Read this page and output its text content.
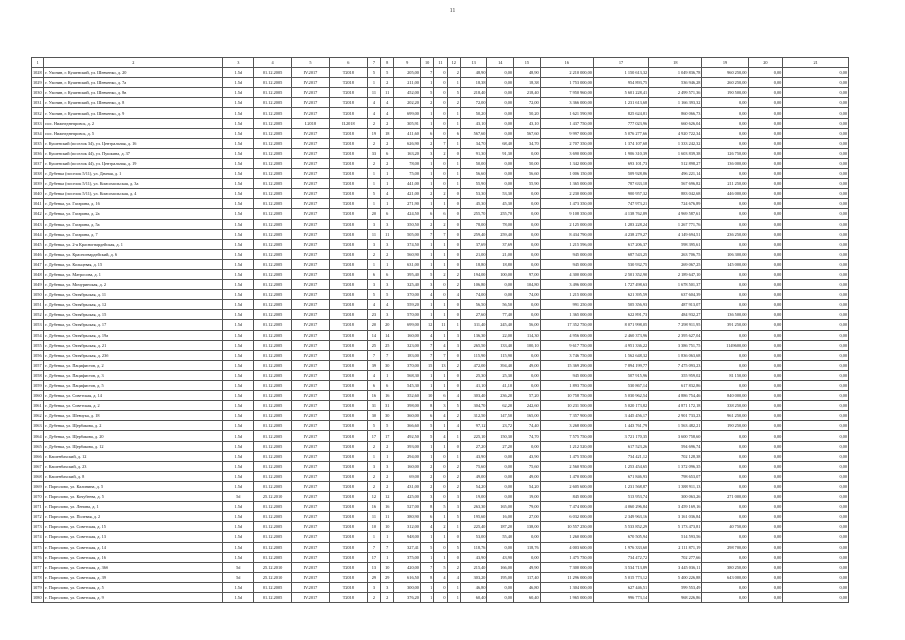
11
1	2	3	4	5	6	7	8	9	10	11	12	13	14	15	16	17	18	19	20	21
1028	г. Ухонин, г. Кушенский, ул. Шевченко, д. 20	1.5d	01.12.2005	IV.2017	Т2018	5	5	205,00	7	0	2	48,90	0,00	48,90	2 210 000,00	1 150 613,32	1 049 836,78	960 250,00	0,00	0,00
1029	г. Ухонин, г. Кушенский, ул. Шевченко, д. 7а	1.5d	01.12.2005	IV.2017	Т2018	1	2	211,00	1	0	1	18,38	0,00	18,38	1 753 000,00	954 893,75	536 946,28	260 250,00	0,00	0,00
1030	г. Ухонин, г. Кушенский, ул. Шевченко, д. 8в	1.5d	01.12.2005	IV.2017	Т2018	11	11	452,00	5	0	5	218,40	0,00	218,40	7 950 960,00	5 601 228,41	2 499 571,36	190 500,00	0,00	0,00
1031	г. Ухонин, г. Кушенский, ул. Шевченко, д. 8	1.5d	01.12.2005	IV.2017	Т2018	4	4	202,20	2	0	2	72,00	0,00	72,00	3 366 000,00	1 231 613,68	1 166 393,32	0,00	0,00	0,00
1032	г. Ухонин, г. Кушенский, ул. Шевченко, д. 9	1.5d	01.12.2005	IV.2017	Т2018	4	4	699,00	1	0	1	50,20	0,00	50,20	1 621 590,90	825 624,81	860 066,73	0,00	0,00	0,00
1033	пос. Нижнеднепровск, д. 2	1.5d	01.12.2005	I.2018	II.2018	2	2	305,91	1	0	1	43,10	0,00	43,10	1 437 750,00	777 023,96	660 626,04	0,00	0,00	0,00
1034	пос. Нижнеднепровск, д. 5	1.5d	01.12.2005	IV.2017	Т2018	19	18	411,60	6	0	6	567,60	0,00	567,60	9 997 000,00	5 076 277,66	4 920 722,34	0,00	0,00	0,00
1035	г. Кушенский (поселок 34), ул. Центральная, д. 16	1.5d	01.12.2005	IV.2017	Т2018	2	2	626,90	2	7	1	34,70	68,40	34,70	2 707 350,00	1 374 107,68	1 333 242,32	0,00	0,00	0,00
1036	г. Кушенский (поселок 44), ул. Пушкина, д. 37	1.5d	01.12.2005	IV.2017	Т2018	33	6	163,20	3	2	0	91,30	91,30	0,00	3 690 000,00	1 906 310,39	1 603 839,38	126 750,00	0,00	0,00
1037	г. Кушенский (поселок 44), ул. Центральная, д. 19	1.5d	01.12.2005	IV.2017	Т2018	2	2	78,00	1	0	1	50,00	0,00	50,00	1 342 000,00	693 101,73	512 898,27	136 000,00	0,00	0,00
1038	г. Дубенка (поселок 5/11), ул. Дачная, д. 1	1.5d	01.12.2005	IV.2017	Т2018	1	1	75,00	1	0	1	56,60	0,00	56,60	1 006 150,00	509 928,86	496 221,14	0,00	0,00	0,00
1039	г. Дубенка (поселок 5/11), ул. Комсомольская, д. 3а	1.5d	01.12.2005	IV.2017	Т2018	1	1	441,00	1	0	1	55,90	0,00	55,90	1 365 000,00	787 633,18	567 696,82	211 250,00	0,00	0,00
1040	г. Дубенка (поселок 5/11), ул. Комсомольская, д. 4	1.5d	01.12.2005	IV.2017	Т2018	5	4	421,00	2	2	0	53,30	53,30	0,00	2 230 000,00	900 957,32	883 042,68	446 000,00	0,00	0,00
1041	г. Дубенка, ул. Гагарина, д. 16	1.5d	01.12.2005	IV.2017	Т2018	1	1	271,90	1	1	0	45,30	45,30	0,00	1 473 350,00	747 973,21	724 676,89	0,00	0,00	0,00
1042	г. Дубенка, ул. Гагарина, д. 2а	1.5d	01.12.2005	IV.2017	Т2018	20	6	424,50	6	6	0	255,70	255,70	0,00	9 108 350,00	4 138 762,89	4 969 587,61	0,00	0,00	0,00
1043	г. Дубенка, ул. Гагарина, д. 5а	1.5d	01.12.2005	IV.2017	Т2018	3	3	350,50	2	2	0	78,00	78,00	0,00	2 125 000,00	1 283 228,24	1 267 771,76	0,00	0,00	0,00
1044	г. Дубенка, ул. Гагарина, д. 7	1.5d	01.12.2005	IV.2017	Т2018	11	11	505,00	7	7	0	259,40	259,40	0,00	8 434 790,00	4 238 279,27	4 149 694,51	236 250,00	0,00	0,00
1045	г. Дубенка, ул. 2-я Красногвардейская, д. 1	1.5d	01.12.2005	IV.2017	Т2018	3	3	374,50	1	1	0	37,69	37,69	0,00	1 215 596,00	617 206,37	598 395,61	0,00	0,00	0,00
1046	г. Дубенка, ул. Красногвардейский, д. 6	1.5d	01.12.2005	IV.2017	Т2018	2	2	560,90	1	1	0	21,00	21,00	0,00	945 000,00	687 543,25	263 706,75	106 300,00	0,00	0,00
1047	г. Дубенка, ул. Кольцевая, д. 15	1.5d	01.12.2005	IV.2017	Т2018	1	1	631,00	1	1	0	18,80	18,80	0,00	945 000,00	530 932,75	269 067,25	145 000,00	0,00	0,00
1048	г. Дубенка, ул. Матросова, д. 1	1.5d	01.12.2005	IV.2017	Т2018	6	6	395,40	5	2	2	194,00	100,00	97,00	4 300 000,00	2 501 352,90	2 189 647,10	0,00	0,00	0,00
1049	г. Дубенка, ул. Мичуринская, д. 2	1.5d	01.12.2005	IV.2017	Т2018	3	3	325,40	3	0	2	106,80	0,00	104,80	3 496 000,00	1 727 498,63	1 678 501,37	0,00	0,00	0,00
1050	г. Дубенка, ул. Октябрьская, д. 11	1.5d	01.12.2005	IV.2017	Т2018	5	5	370,00	4	0	4	74,00	0,00	74,00	1 215 000,00	621 395,59	637 604,39	0,00	0,00	0,00
1051	г. Дубенка, ул. Октябрьская, д. 12	1.5d	01.12.2005	IV.2017	Т2018	4	4	559,20	1	1	0	56,50	56,50	0,00	991 250,00	505 356,93	487 913,07	0,00	0,00	0,00
1052	г. Дубенка, ул. Октябрьская, д. 15	1.5d	01.12.2005	IV.2017	Т2018	23	3	570,00	1	1	0	27,60	77,40	0,00	1 365 000,00	622 891,73	484 932,27	136 500,00	0,00	0,00
1053	г. Дубенка, ул. Октябрьская, д. 17	1.5d	01.12.2005	IV.2017	Т2018	20	20	699,00	12	11	1	311,40	245,40	56,00	17 352 750,00	8 071 998,05	7 298 911,95	391 250,00	0,00	0,00
1054	г. Дубенка, ул. Октябрьская, д. 19а	1.5d	01.12.2005	IV.2017	Т2018	14	14	160,00	4	1	3	136,30	22,00	114,30	4 956 000,00	2 460 373,96	2 395 627,04	0,00	0,00	0,00
1055	г. Дубенка, ул. Октябрьская, д. 21	1.5d	01.12.2005	IV.2017	Т2018	25	25	323,00	7	4	3	265,50	133,40	100,10	9 617 750,00	4 951 336,22	3 386 751,75	1149600,00	0,00	0,00
1056	г. Дубенка, ул. Октябрьская, д. 23б	1.5d	01.12.2005	IV.2017	Т2018	7	7	183,00	7	7	0	115,90	115,90	0,00	3 746 750,00	1 562 648,32	1 836 063,68	0,00	0,00	0,00
1057	г. Дубенка, ул. Пацифистов, д. 2	1.5d	01.12.2005	IV.2017	Т2018	39	30	370,00	15	13	2	472,00	394,40	49,00	15 369 290,00	7 894 199,77	7 475 093,23	0,00	0,00	0,00
1058	г. Дубенка, ул. Пацифистов, д. 3	1.5d	01.12.2005	IV.2017	Т2018	4	1	568,30	1	1	0	25,30	25,30	0,00	945 000,00	507 915,96	355 959,02	81 150,00	0,00	0,00
1059	г. Дубенка, ул. Пацифистов, д. 5	1.5d	01.12.2005	IV.2017	Т2018	6	6	545,30	1	1	0	41,10	41,10	0,00	1 893 750,00	530 867,14	617 832,86	0,00	0,00	0,00
1060	г. Дубенка, ул. Советская, д. 14	1.5d	01.12.2005	IV.2017	Т2018	16	16	352,60	10	6	4	303,40	236,20	57,20	10 758 750,00	5 030 962,54	4 886 754,46	840 000,00	0,00	0,00
1061	г. Дубенка, ул. Советская, д. 2	1.5d	01.12.2005	IV.2017	Т2018	31	31	398,00	8	3	5	304,70	62,20	242,60	10 231 500,00	5 020 173,82	4 871 172,18	338 250,00	0,00	0,00
1062	г. Дубенка, ул. Шевчука, д. 18	1.5d	01.12.2005	IV.2017	Т2018	30	30	360,00	6	4	2	312,50	147,50	165,00	7 357 900,00	3 445 456,17	2 901 733,23	961 250,00	0,00	0,00
1063	г. Дубенка, ул. Щербакова, д. 2	1.5d	01.12.2005	IV.2017	Т2018	5	5	366,60	5	1	4	97,12	23,72	74,40	3 268 000,00	1 443 761,79	1 563 482,21	190 250,00	0,00	0,00
1064	г. Дубенка, ул. Щербакова, д. 20	1.5d	01.12.2005	IV.2017	Т2018	17	17	492,50	5	4	1	225,10	150,30	74,70	7 575 750,00	3 721 170,35	3 600 758,60	0,00	0,00	0,00
1065	г. Дубенка, ул. Щербакова, д. 12	1.5d	01.12.2005	IV.2017	Т2018	2	2	393,00	1	1	0	27,20	27,20	0,00	1 212 520,00	617 523,26	594 696,74	0,00	0,00	0,00
1066	г. Кашенбахский, д. 12	1.5d	01.12.2005	IV.2017	Т2018	1	1	294,00	1	0	1	43,90	0,00	43,90	1 475 550,00	734 421,12	702 128,38	0,00	0,00	0,00
1067	г. Кашенбахский, д. 23	1.5d	01.12.2005	IV.2017	Т2018	3	3	160,00	2	0	2	75,60	0,00	75,60	2 560 950,00	1 253 454,65	1 372 096,35	0,00	0,00	0,00
1068	г. Кашенбахский, д. 8	1.5d	01.12.2005	IV.2017	Т2018	2	2	69,00	2	0	2	49,00	0,00	49,00	1 470 000,00	671 846,93	798 653,07	0,00	0,00	0,00
1069	г. Парголово, ул. Калинина, д. 5	1.5d	01.12.2005	IV.2017	Т2018	2	2	431,00	2	0	2	54,20	0,00	54,20	2 605 600,00	1 231 568,87	1 388 911,13	0,00	0,00	0,00
1070	г. Парголово, ул. Кочубеева, д. 5	5d	25.12.2010	IV.2017	Т2018	12	12	425,00	3	0	3	19,00	0,00	19,00	845 000,00	513 953,74	300 063,26	271 000,00	0,00	0,00
1071	г. Парголово, ул. Ленина, д. 1	1.5d	01.12.2005	IV.2017	Т2018	16	16	527,00	8	5	3	263,30	165,00	79,00	7 474 000,00	4 060 296,84	3 459 169,16	0,00	0,00	0,00
1072	г. Парголово, ул. Полевая, д. 2	1.5d	01.12.2005	IV.2017	Т2018	11	11	380,90	6	1	5	195,60	16,00	27,00	6 032 000,00	2 349 963,16	3 161 036,84	0,00	0,00	0,00
1073	г. Парголово, ул. Советская, д. 15	1.5d	01.12.2005	IV.2017	Т2018	10	10	312,00	4	2	1	225,40	187,20	138,00	10 557 250,00	5 533 852,29	5 173 473,81	40 750,00	0,00	0,00
1074	г. Парголово, ул. Советская, д. 13	1.5d	01.12.2005	IV.2017	Т2018	1	1	948,00	1	1	0	53,00	55,40	0,00	1 260 000,00	670 505,94	514 593,56	0,00	0,00	0,00
1075	г. Парголово, ул. Советская, д. 14	1.5d	01.12.2005	IV.2017	Т2018	7	7	327,41	5	0	5	118,76	0,00	118,76	4 003 600,00	1 976 333,60	2 111 871,19	298 700,00	0,00	0,00
1076	г. Парголово, ул. Советская, д. 16	1.5d	01.12.2005	IV.2017	Т2018	17	1	375,00	1	1	0	43,90	43,90	0,00	1 475 750,00	734 472,72	702 277,66	0,00	0,00	0,00
1077	г. Парголово, ул. Советская, д. 36б	5d	25.12.2010	IV.2017	Т2018	13	10	420,00	7	5	2	215,40	166,00	49,90	7 300 000,00	3 534 713,89	3 445 036,11	380 250,00	0,00	0,00
1078	г. Парголово, ул. Советская, д. 39	5d	25.12.2010	IV.2017	Т2018	29	29	616,50	8	4	4	303,20	195,00	117,40	11 296 000,00	5 015 773,12	5 400 226,88	643 000,00	0,00	0,00
1079	г. Парголово, ул. Советская, д. 5	1.5d	01.12.2005	IV.2017	Т2018	3	3	300,00	1	0	1	46,80	0,00	46,80	1 304 000,00	627 446,51	599 553,49	0,00	0,00	0,00
1080	г. Парголово, ул. Советская, д. 9	1.5d	01.12.2005	IV.2017	Т2018	2	2	376,20	1	0	1	60,40	0,00	60,40	1 965 000,00	996 773,14	968 226,86	0,00	0,00	0,00
